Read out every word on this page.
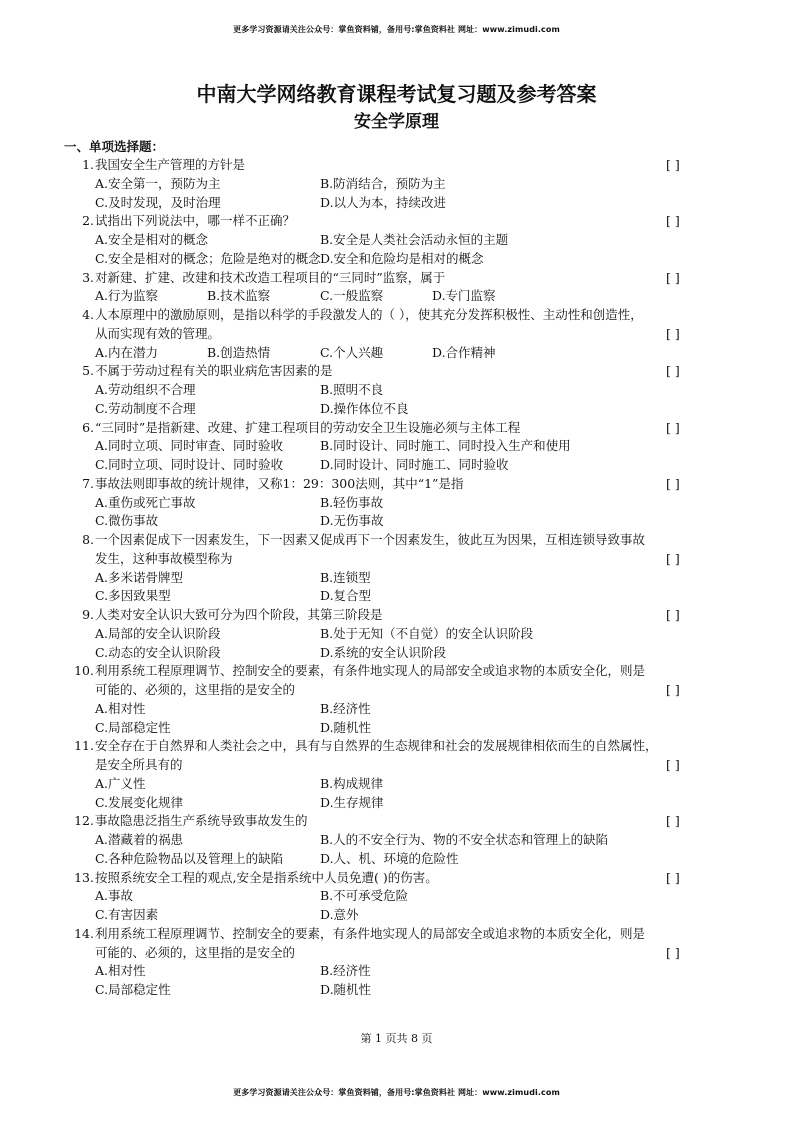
更多学习资源请关注公众号：掌鱼资料铺，备用号:掌鱼资料社 网址：www.zimudi.com
中南大学网络教育课程考试复习题及参考答案
安全学原理
一、单项选择题：
1. 我国安全生产管理的方针是	[ ]
A.安全第一，预防为主	B.防消结合，预防为主
C.及时发现，及时治理	D.以人为本，持续改进
2. 试指出下列说法中，哪一样不正确？	[ ]
A.安全是相对的概念	B.安全是人类社会活动永恒的主题
C.安全是相对的概念；危险是绝对的概念 D.安全和危险均是相对的概念
3. 对新建、扩建、改建和技术改造工程项目的“三同时”监察，属于	[ ]
A.行为监察	B.技术监察	C.一般监察	D.专门监察
4. 人本原理中的激励原则，是指以科学的手段激发人的（ ），使其充分发挥积极性、主动性和创造性，
从而实现有效的管理。	[ ]
A.内在潜力	B.创造热情	C.个人兴趣	D.合作精神
5. 不属于劳动过程有关的职业病危害因素的是	[ ]
A.劳动组织不合理	B.照明不良
C.劳动制度不合理	D.操作体位不良
6. “三同时”是指新建、改建、扩建工程项目的劳动安全卫生设施必须与主体工程	[ ]
A.同时立项、同时审查、同时验收	B.同时设计、同时施工、同时投入生产和使用
C.同时立项、同时设计、同时验收	D.同时设计、同时施工、同时验收
7. 事故法则即事故的统计规律，又称1：29：300法则，其中“1”是指	[ ]
A.重伤或死亡事故	B.轻伤事故
C.微伤事故	D.无伤事故
8. 一个因素促成下一因素发生，下一因素又促成再下一个因素发生，彼此互为因果，互相连锁导致事故
发生，这种事故模型称为	[ ]
A.多米诺骨牌型	B.连锁型
C.多因致果型	D.复合型
9. 人类对安全认识大致可分为四个阶段，其第三阶段是	[ ]
A.局部的安全认识阶段	B.处于无知（不自觉）的安全认识阶段
C.动态的安全认识阶段	D.系统的安全认识阶段
10. 利用系统工程原理调节、控制安全的要素，有条件地实现人的局部安全或追求物的本质安全化，则是
可能的、必须的，这里指的是安全的	[ ]
A.相对性	B.经济性
C.局部稳定性	D.随机性
11. 安全存在于自然界和人类社会之中，具有与自然界的生态规律和社会的发展规律相依而生的自然属性，
是安全所具有的	[ ]
A.广义性	B.构成规律
C.发展变化规律	D.生存规律
12. 事故隐患泛指生产系统导致事故发生的	[ ]
A.潜藏着的祸患	B.人的不安全行为、物的不安全状态和管理上的缺陷
C.各种危险物品以及管理上的缺陷	D.人、机、环境的危险性
13. 按照系统安全工程的观点,安全是指系统中人员免遭( )的伤害。	[ ]
A.事故	B.不可承受危险
C.有害因素	D.意外
14. 利用系统工程原理调节、控制安全的要素，有条件地实现人的局部安全或追求物的本质安全化，则是
可能的、必须的，这里指的是安全的	[ ]
A.相对性	B.经济性
C.局部稳定性	D.随机性
第 1 页共 8 页
更多学习资源请关注公众号：掌鱼资料铺，备用号:掌鱼资料社 网址：www.zimudi.com
